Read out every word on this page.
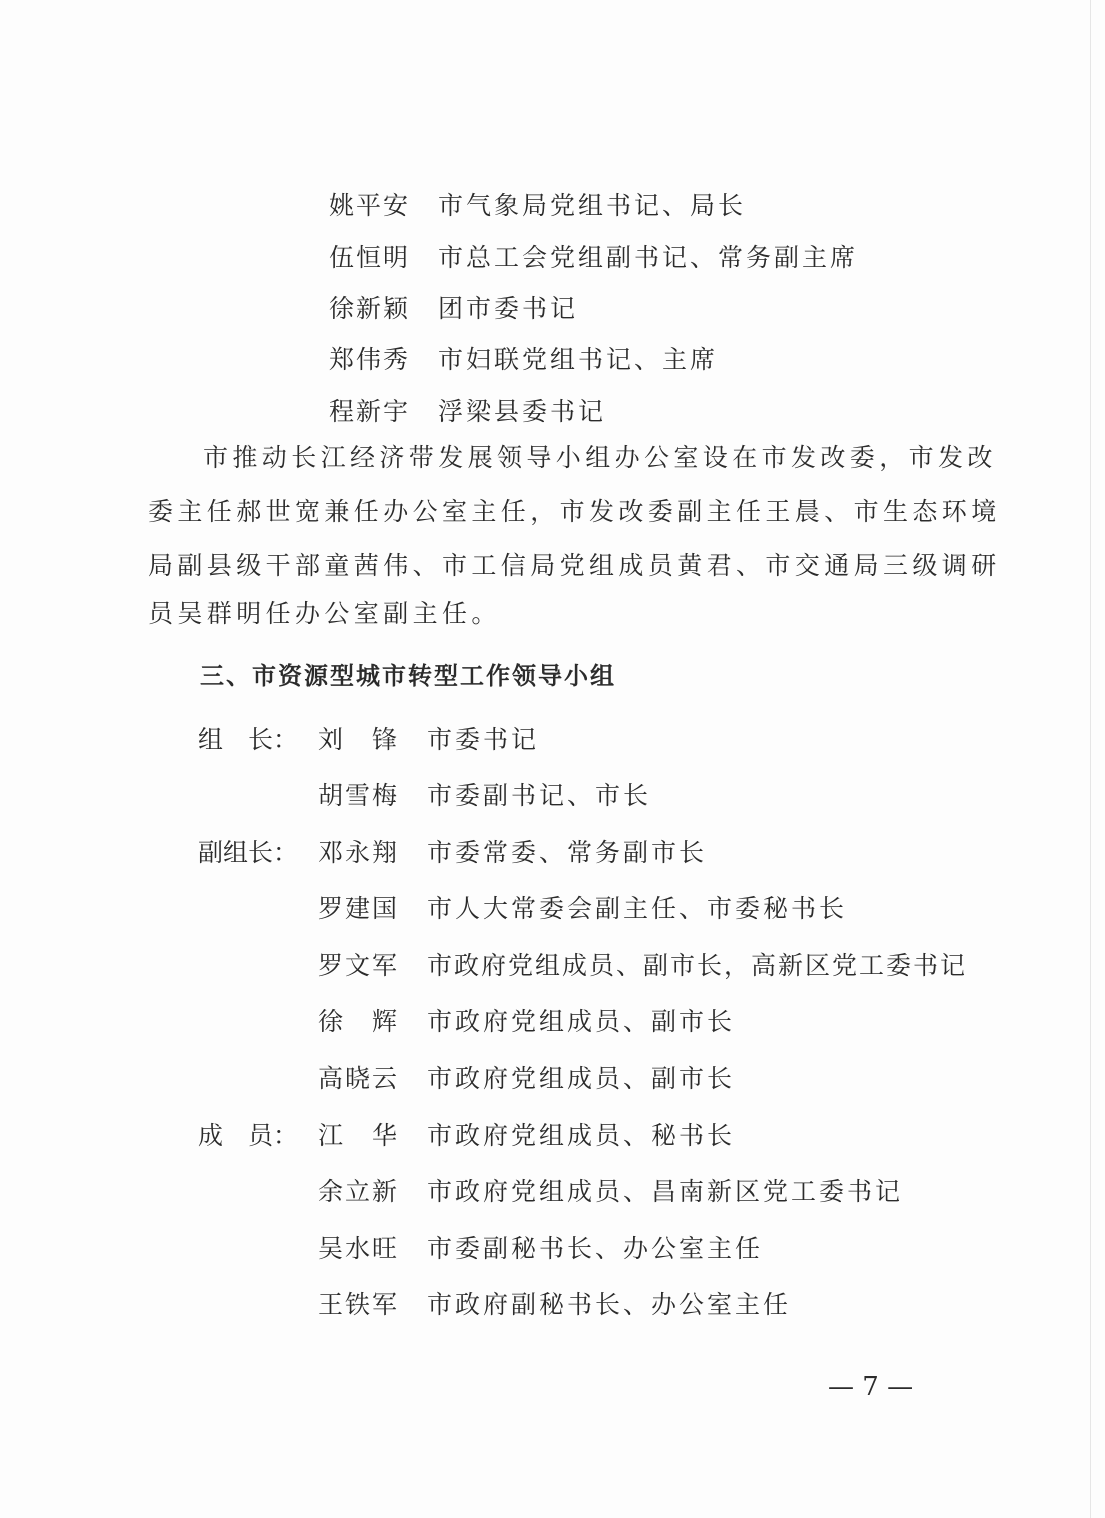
姚平安 市气象局党组书记、局长
伍恒明 市总工会党组副书记、常务副主席
徐新颖 团市委书记
郑伟秀 市妇联党组书记、主席
程新宇 浮梁县委书记
市推动长江经济带发展领导小组办公室设在市发改委，市发改
委主任郝世宽兼任办公室主任，市发改委副主任王晨、市生态环境
局副县级干部童茜伟、市工信局党组成员黄君、市交通局三级调研
员吴群明任办公室副主任。
三、市资源型城市转型工作领导小组
组　长： 刘　锋 市委书记
胡雪梅 市委副书记、市长
副组长： 邓永翔 市委常委、常务副市长
罗建国 市人大常委会副主任、市委秘书长
罗文军 市政府党组成员、副市长，高新区党工委书记
徐　辉 市政府党组成员、副市长
高晓云 市政府党组成员、副市长
成　员： 江　华 市政府党组成员、秘书长
余立新 市政府党组成员、昌南新区党工委书记
吴水旺 市委副秘书长、办公室主任
王铁军 市政府副秘书长、办公室主任
— 7 —
